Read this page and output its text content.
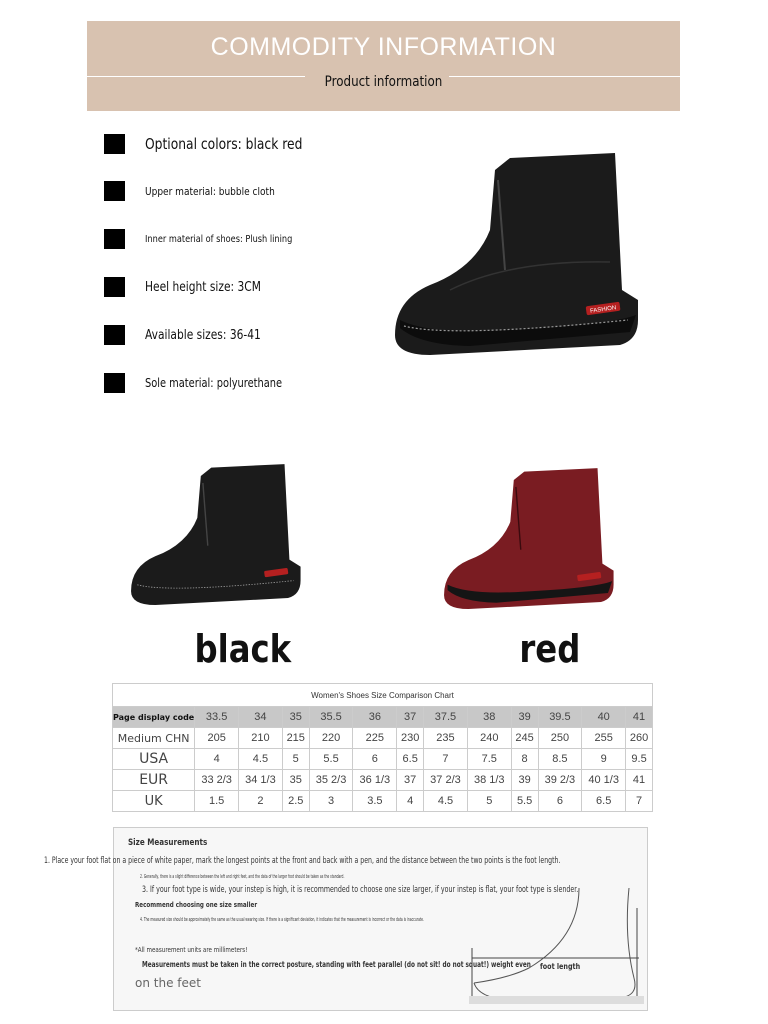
COMMODITY INFORMATION
Product information
Optional colors: black red
Upper material: bubble cloth
Inner material of shoes: Plush lining
Heel height size: 3CM
Available sizes: 36-41
Sole material: polyurethane
FASHION
black	red
Women's Shoes Size Comparison Chart												
Page display code	33.5	34	35	35.5	36	37	37.5	38	39	39.5	40	41
Medium CHN	205	210	215	220	225	230	235	240	245	250	255	260
USA	4	4.5	5	5.5	6	6.5	7	7.5	8	8.5	9	9.5
EUR	33 2/3	34 1/3	35	35 2/3	36 1/3	37	37 2/3	38 1/3	39	39 2/3	40 1/3	41
UK	1.5	2	2.5	3	3.5	4	4.5	5	5.5	6	6.5	7
Size Measurements
1. Place your foot flat on a piece of white paper, mark the longest points at the front and back with a pen, and the distance between the two points is the foot length.
2. Generally, there is a slight difference between the left and right feet, and the data of the larger foot should be taken as the standard.
3. If your foot type is wide, your instep is high, it is recommended to choose one size larger, if your instep is flat, your foot type is slender.
Recommend choosing one size smaller
4. The measured size should be approximately the same as the usual wearing size. If there is a significant deviation, it indicates that the measurement is incorrect or the data is inaccurate.
*All measurement units are millimeters!
Measurements must be taken in the correct posture, standing with feet parallel (do not sit! do not squat!) weight even
on the feet
foot length
